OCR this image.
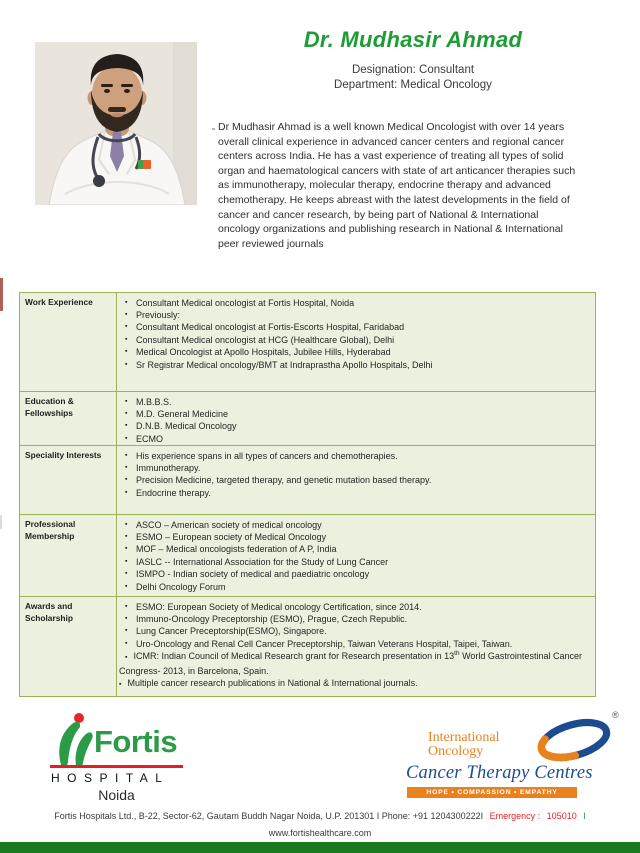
Dr. Mudhasir Ahmad
Designation: Consultant
Department: Medical Oncology
Dr Mudhasir Ahmad is a well known Medical Oncologist with over 14 years overall clinical experience in advanced cancer centers and regional cancer centers across India. He has a vast experience of treating all types of solid organ and haematological cancers with state of art anticancer therapies such as immunotherapy, molecular therapy, endocrine therapy and advanced chemotherapy. He keeps abreast with the latest developments in the field of cancer and cancer research, by being part of National & International oncology organizations and publishing research in National & International peer reviewed journals
Work Experience	▪ Consultant Medical oncologist at Fortis Hospital, Noida
▪ Previously:
▪ Consultant Medical oncologist at Fortis-Escorts Hospital, Faridabad
▪ Consultant Medical oncologist at HCG (Healthcare Global), Delhi
▪ Medical Oncologist at Apollo Hospitals, Jubilee Hills, Hyderabad
▪ Sr Registrar Medical oncology/BMT at Indraprastha Apollo Hospitals, Delhi
Education & Fellowships
▪ M.B.B.S.
▪ M.D. General Medicine
▪ D.N.B. Medical Oncology
▪ ECMO
Speciality Interests	▪ His experience spans in all types of cancers and chemotherapies.
▪ Immunotherapy.
▪ Precision Medicine, targeted therapy, and genetic mutation based therapy.
▪ Endocrine therapy.
Professional Membership
▪ ASCO – American society of medical oncology
▪ ESMO – European society of Medical Oncology
▪ MOF – Medical oncologists federation of A P, India
▪ IASLC -- International Association for the Study of Lung Cancer
▪ ISMPO - Indian society of medical and paediatric oncology
▪ Delhi Oncology Forum
Awards and Scholarship
▪ ESMO: European Society of Medical oncology Certification, since 2014.
▪ Immuno-Oncology Preceptorship (ESMO), Prague, Czech Republic.
▪ Lung Cancer Preceptorship(ESMO), Singapore.
▪ Uro-Oncology and Renal Cell Cancer Preceptorship, Taiwan Veterans Hospital, Taipei, Taiwan.
▪ ICMR: Indian Council of Medical Research grant for Research presentation in 13th World Gastrointestinal Cancer Congress- 2013, in Barcelona, Spain.
▪ Multiple cancer research publications in National & International journals.
Fortis
HOSPITAL
Noida
International
Oncology
®
Cancer Therapy Centres
HOPE • COMPASSION • EMPATHY
Fortis Hospitals Ltd., B-22, Sector-62, Gautam Buddh Nagar Noida, U.P. 201301 I Phone: +91 1204300222I Emergency : 105010 I
www.fortishealthcare.com
